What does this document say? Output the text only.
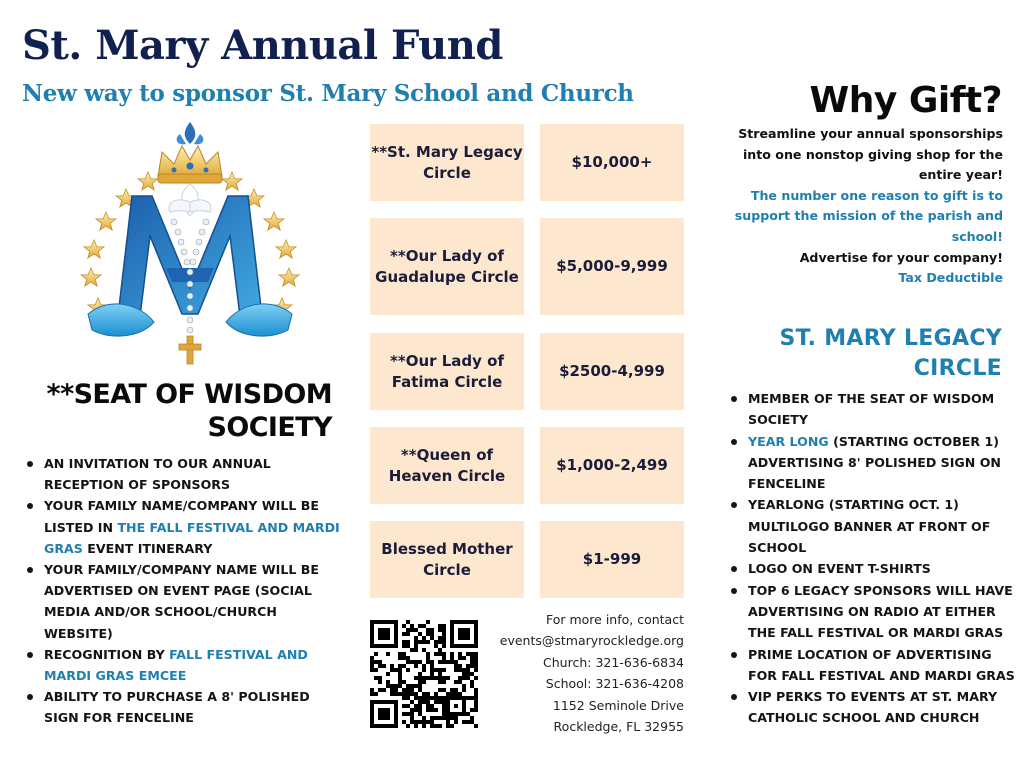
St. Mary Annual Fund
New way to sponsor St. Mary School and Church
**SEAT OF WISDOM SOCIETY
AN INVITATION TO OUR ANNUAL RECEPTION OF SPONSORS
YOUR FAMILY NAME/COMPANY WILL BE LISTED IN THE FALL FESTIVAL AND MARDI GRAS EVENT ITINERARY
YOUR FAMILY/COMPANY NAME WILL BE ADVERTISED ON EVENT PAGE (SOCIAL MEDIA AND/OR SCHOOL/CHURCH WEBSITE)
RECOGNITION BY FALL FESTIVAL AND MARDI GRAS EMCEE
ABILITY TO PURCHASE A 8' POLISHED SIGN FOR FENCELINE
**St. Mary Legacy Circle
$10,000+
**Our Lady of Guadalupe Circle
$5,000-9,999
**Our Lady of Fatima Circle
$2500-4,999
**Queen of Heaven Circle
$1,000-2,499
Blessed Mother Circle
$1-999
For more info, contact
events@stmaryrockledge.org
Church: 321-636-6834
School: 321-636-4208
1152 Seminole Drive
Rockledge, FL 32955
Why Gift?

Streamline your annual sponsorships into one nonstop giving shop for the entire year!

The number one reason to gift is to support the mission of the parish and school!

Advertise for your company!

Tax Deductible

ST. MARY LEGACY CIRCLE
MEMBER OF THE SEAT OF WISDOM SOCIETY
YEAR LONG (STARTING OCTOBER 1) ADVERTISING 8' POLISHED SIGN ON FENCELINE
YEARLONG (STARTING OCT. 1) MULTILOGO BANNER AT FRONT OF SCHOOL
LOGO ON EVENT T-SHIRTS
TOP 6 LEGACY SPONSORS WILL HAVE ADVERTISING ON RADIO AT EITHER THE FALL FESTIVAL OR MARDI GRAS
PRIME LOCATION OF ADVERTISING FOR FALL FESTIVAL AND MARDI GRAS
VIP PERKS TO EVENTS AT ST. MARY CATHOLIC SCHOOL AND CHURCH
